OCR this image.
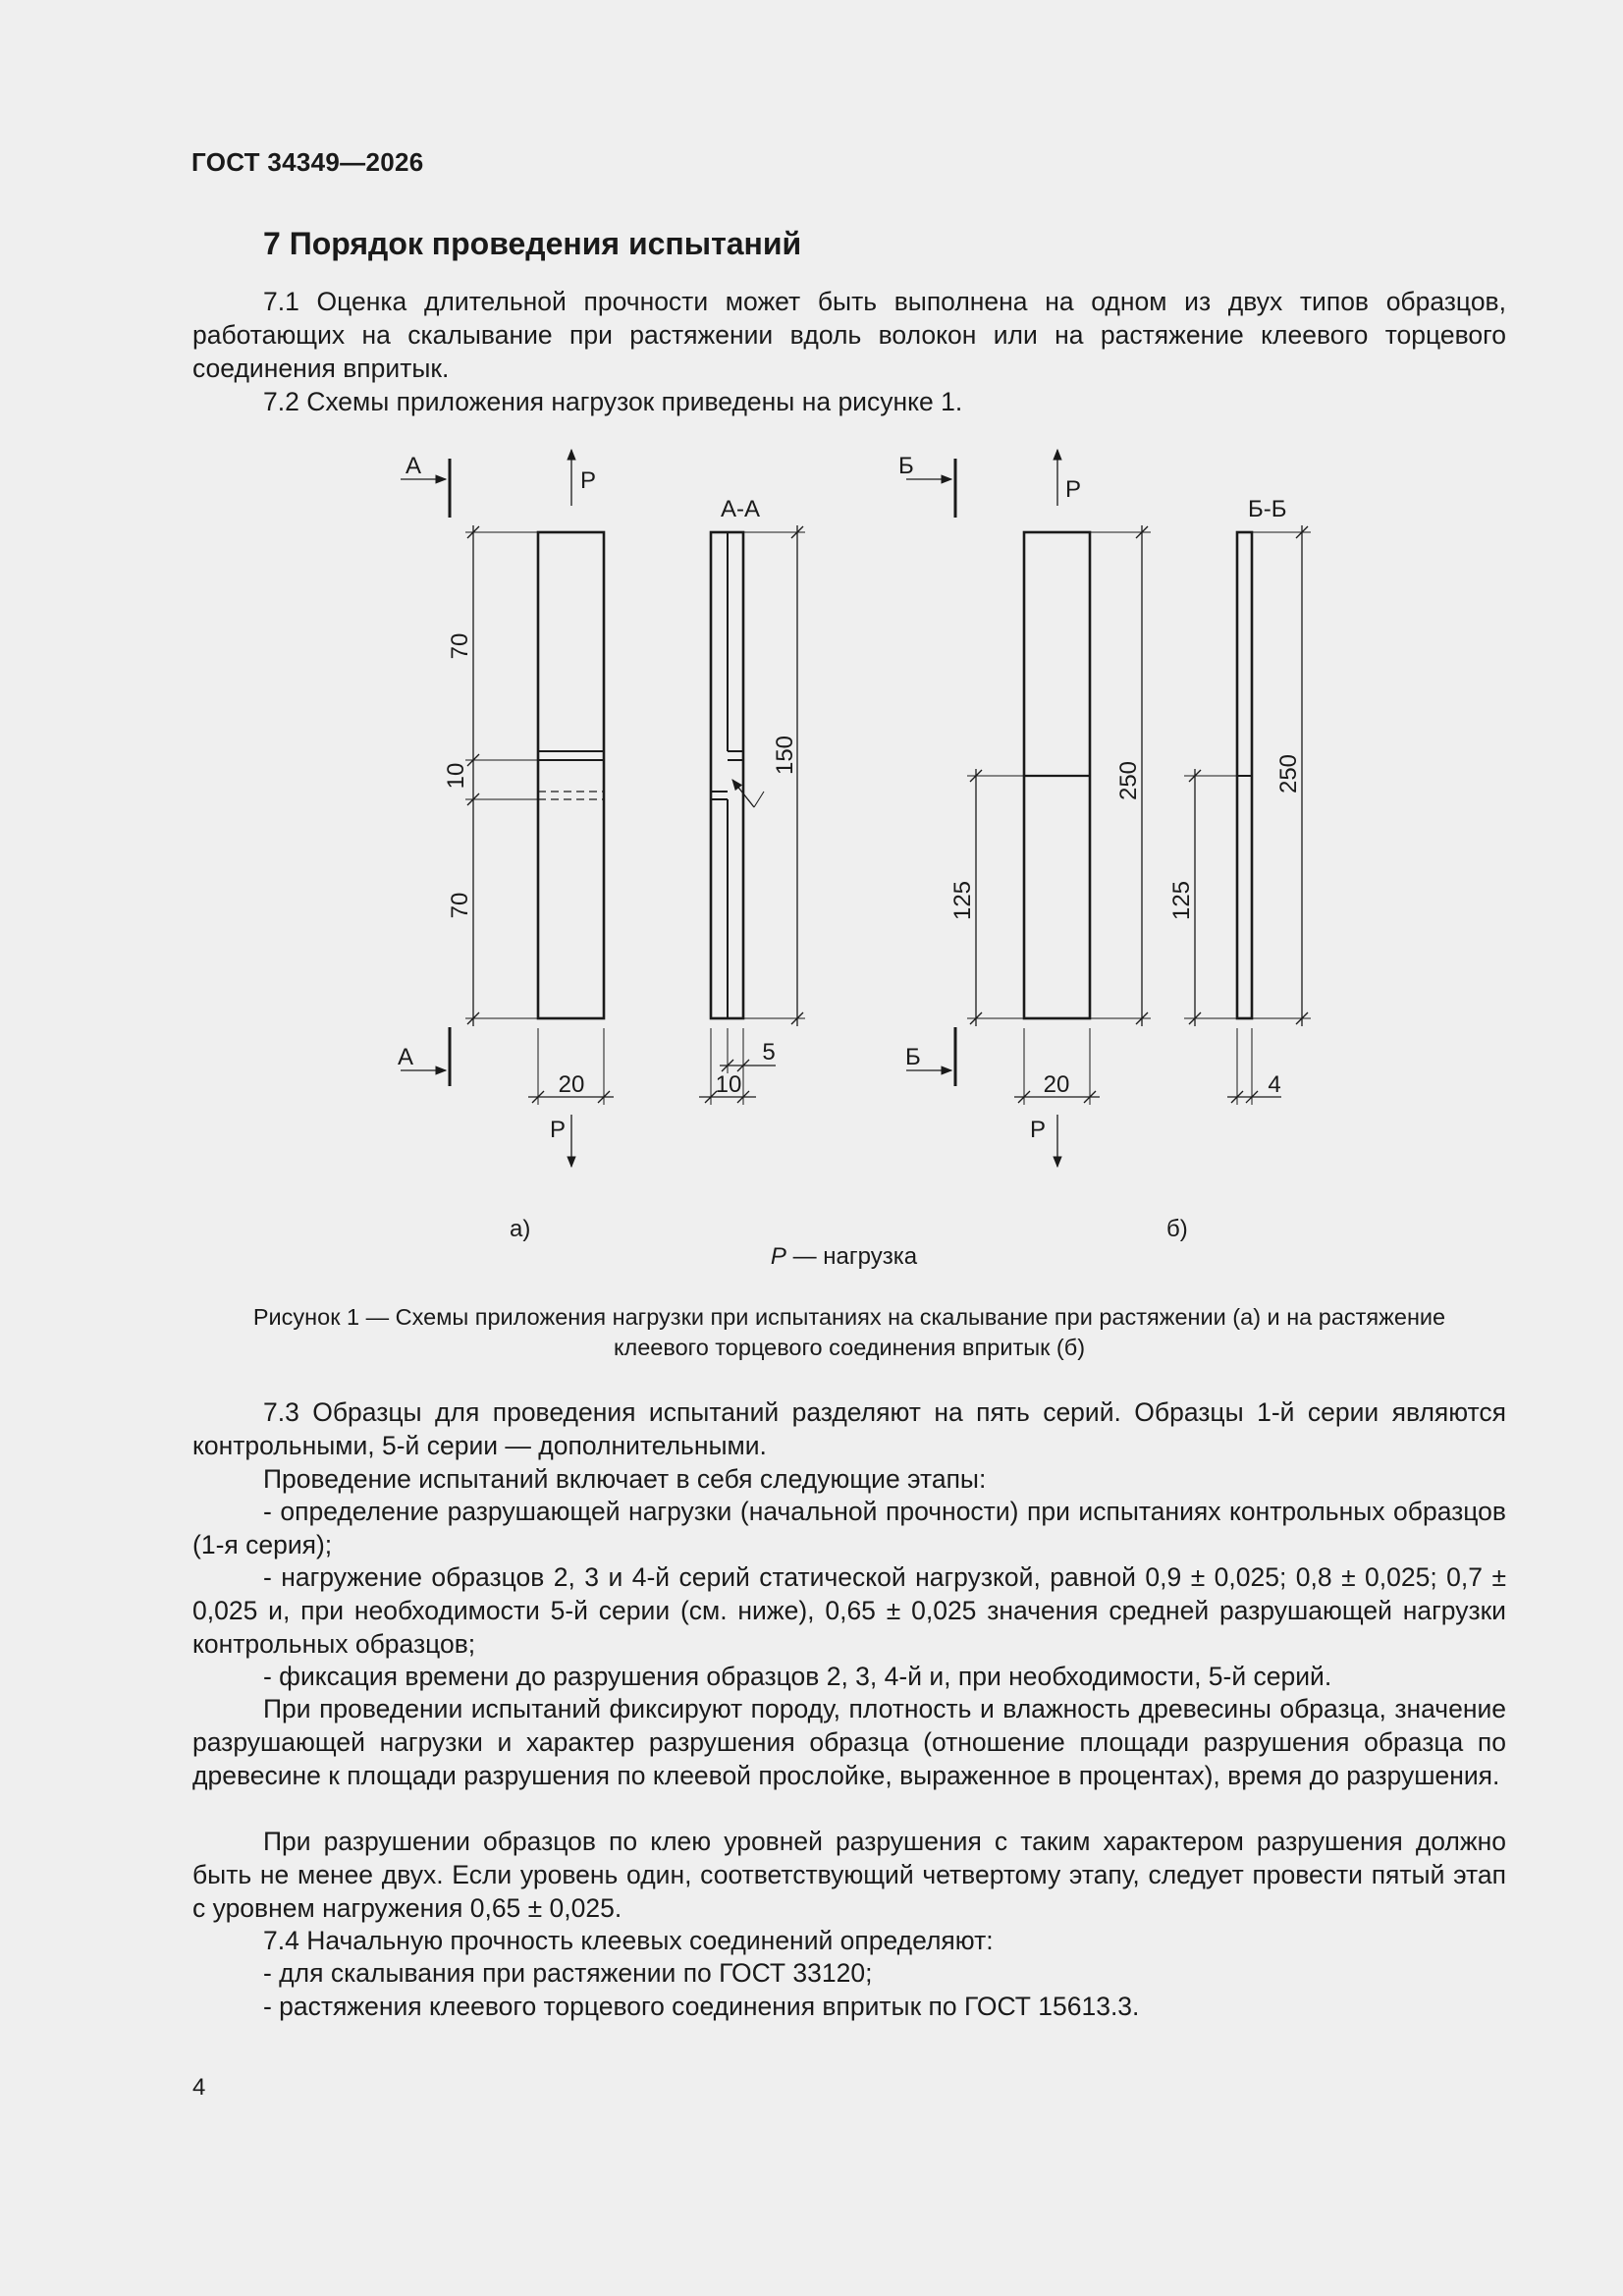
ГОСТ 34349—2026
7 Порядок проведения испытаний

7.1 Оценка длительной прочности может быть выполнена на одном из двух типов образцов, работающих на скалывание при растяжении вдоль волокон или на растяжение клеевого торцевого соединения впритык.

7.2 Схемы приложения нагрузок приведены на рисунке 1.

А
А
P
P
А-А
70
10
70
20
150
5
10
Б
Б
P
P
Б-Б
125
250
20
125
250
4
а)	б)
P — нагрузка
Рисунок 1 — Схемы приложения нагрузки при испытаниях на скалывание при растяжении (а) и на растяжение
клеевого торцевого соединения впритык (б)

7.3 Образцы для проведения испытаний разделяют на пять серий. Образцы 1-й серии являются контрольными, 5-й серии — дополнительными.

Проведение испытаний включает в себя следующие этапы:

- определение разрушающей нагрузки (начальной прочности) при испытаниях контрольных образцов (1-я серия);

- нагружение образцов 2, 3 и 4-й серий статической нагрузкой, равной 0,9 ± 0,025; 0,8 ± 0,025; 0,7 ± 0,025 и, при необходимости 5-й серии (см. ниже), 0,65 ± 0,025 значения средней разрушающей нагрузки контрольных образцов;

- фиксация времени до разрушения образцов 2, 3, 4-й и, при необходимости, 5-й серий.

При проведении испытаний фиксируют породу, плотность и влажность древесины образца, значение разрушающей нагрузки и характер разрушения образца (отношение площади разрушения образца по древесине к площади разрушения по клеевой прослойке, выраженное в процентах), время до разрушения.

При разрушении образцов по клею уровней разрушения с таким характером разрушения должно быть не менее двух. Если уровень один, соответствующий четвертому этапу, следует провести пятый этап с уровнем нагружения 0,65 ± 0,025.

7.4 Начальную прочность клеевых соединений определяют:

- для скалывания при растяжении по ГОСТ 33120;

- растяжения клеевого торцевого соединения впритык по ГОСТ 15613.3.

4
